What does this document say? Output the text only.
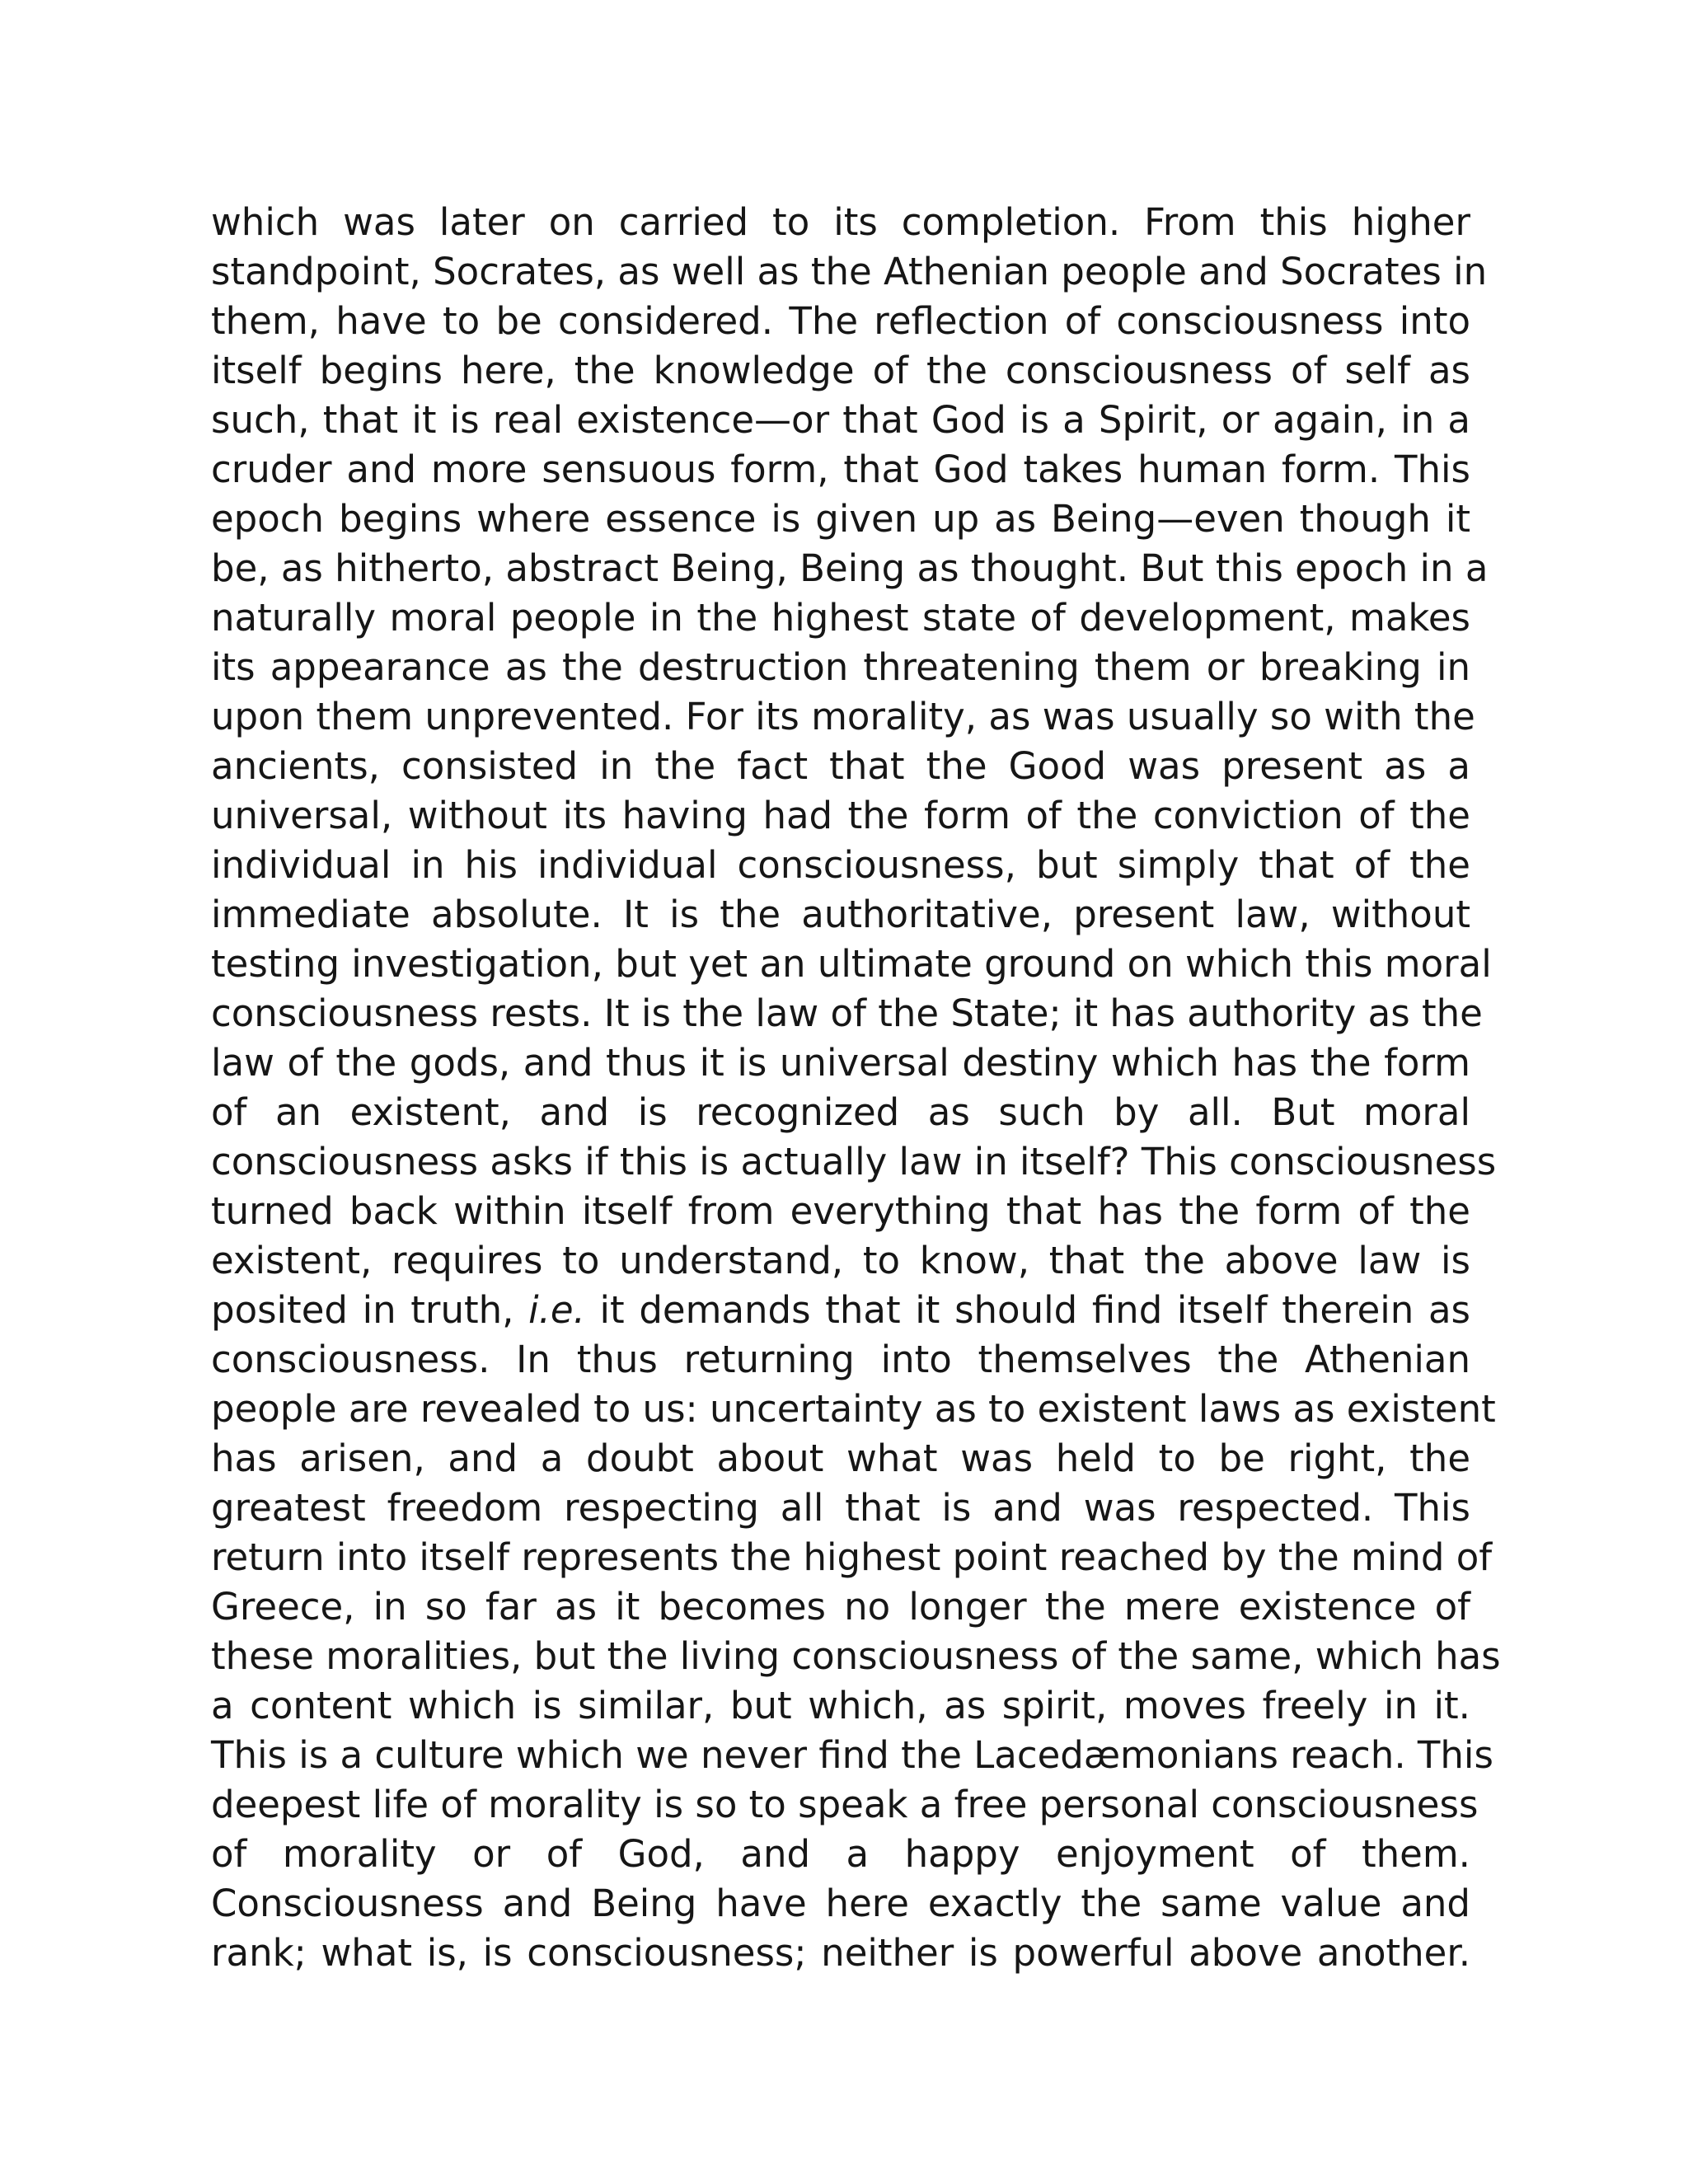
which was later on carried to its completion. From this higher
standpoint, Socrates, as well as the Athenian people and Socrates in
them, have to be considered. The reflection of consciousness into
itself begins here, the knowledge of the consciousness of self as
such, that it is real existence—or that God is a Spirit, or again, in a
cruder and more sensuous form, that God takes human form. This
epoch begins where essence is given up as Being—even though it
be, as hitherto, abstract Being, Being as thought. But this epoch in a
naturally moral people in the highest state of development, makes
its appearance as the destruction threatening them or breaking in
upon them unprevented. For its morality, as was usually so with the
ancients, consisted in the fact that the Good was present as a
universal, without its having had the form of the conviction of the
individual in his individual consciousness, but simply that of the
immediate absolute. It is the authoritative, present law, without
testing investigation, but yet an ultimate ground on which this moral
consciousness rests. It is the law of the State; it has authority as the
law of the gods, and thus it is universal destiny which has the form
of an existent, and is recognized as such by all. But moral
consciousness asks if this is actually law in itself? This consciousness
turned back within itself from everything that has the form of the
existent, requires to understand, to know, that the above law is
posited in truth, i.e. it demands that it should find itself therein as
consciousness. In thus returning into themselves the Athenian
people are revealed to us: uncertainty as to existent laws as existent
has arisen, and a doubt about what was held to be right, the
greatest freedom respecting all that is and was respected. This
return into itself represents the highest point reached by the mind of
Greece, in so far as it becomes no longer the mere existence of
these moralities, but the living consciousness of the same, which has
a content which is similar, but which, as spirit, moves freely in it.
This is a culture which we never find the Lacedæmonians reach. This
deepest life of morality is so to speak a free personal consciousness
of morality or of God, and a happy enjoyment of them.
Consciousness and Being have here exactly the same value and
rank; what is, is consciousness; neither is powerful above another.
